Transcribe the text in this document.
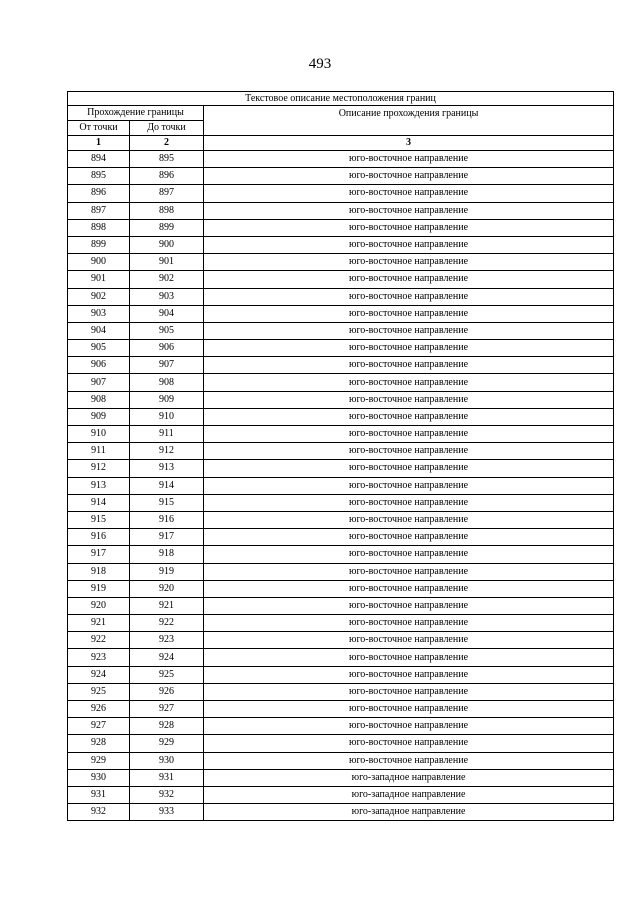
493
Текстовое описание местоположения границ		
Прохождение границы		Описание прохождения границы
От точки	До точки	
1	2	3
894	895	юго-восточное направление
895	896	юго-восточное направление
896	897	юго-восточное направление
897	898	юго-восточное направление
898	899	юго-восточное направление
899	900	юго-восточное направление
900	901	юго-восточное направление
901	902	юго-восточное направление
902	903	юго-восточное направление
903	904	юго-восточное направление
904	905	юго-восточное направление
905	906	юго-восточное направление
906	907	юго-восточное направление
907	908	юго-восточное направление
908	909	юго-восточное направление
909	910	юго-восточное направление
910	911	юго-восточное направление
911	912	юго-восточное направление
912	913	юго-восточное направление
913	914	юго-восточное направление
914	915	юго-восточное направление
915	916	юго-восточное направление
916	917	юго-восточное направление
917	918	юго-восточное направление
918	919	юго-восточное направление
919	920	юго-восточное направление
920	921	юго-восточное направление
921	922	юго-восточное направление
922	923	юго-восточное направление
923	924	юго-восточное направление
924	925	юго-восточное направление
925	926	юго-восточное направление
926	927	юго-восточное направление
927	928	юго-восточное направление
928	929	юго-восточное направление
929	930	юго-восточное направление
930	931	юго-западное направление
931	932	юго-западное направление
932	933	юго-западное направление
